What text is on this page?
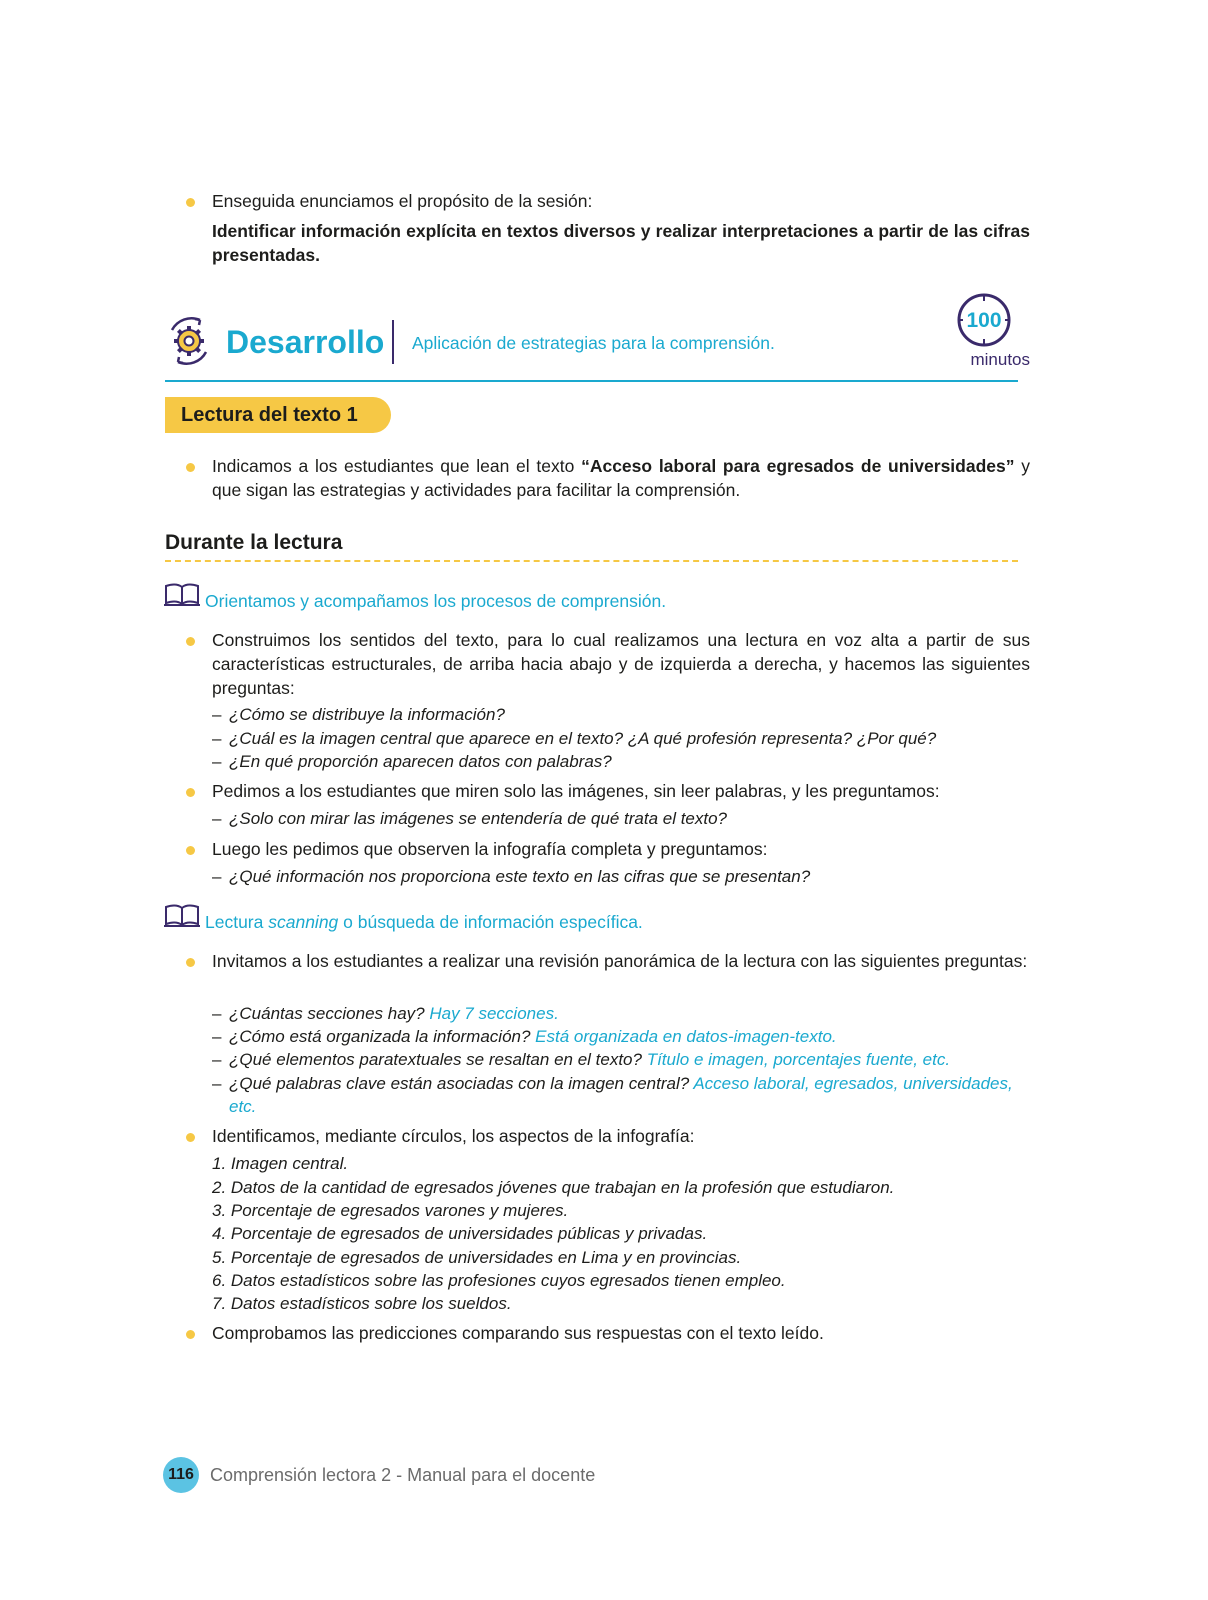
Enseguida enunciamos el propósito de la sesión:
Identificar información explícita en textos diversos y realizar interpretaciones a partir de las cifras presentadas.
Desarrollo Aplicación de estrategias para la comprensión.
100
minutos
Lectura del texto 1
Indicamos a los estudiantes que lean el texto “Acceso laboral para egresados de universidades” y que sigan las estrategias y actividades para facilitar la comprensión.
Durante la lectura
Orientamos y acompañamos los procesos de comprensión.
Construimos los sentidos del texto, para lo cual realizamos una lectura en voz alta a partir de sus características estructurales, de arriba hacia abajo y de izquierda a derecha, y hacemos las siguientes preguntas:
– ¿Cómo se distribuye la información?
– ¿Cuál es la imagen central que aparece en el texto? ¿A qué profesión representa? ¿Por qué?
– ¿En qué proporción aparecen datos con palabras?
Pedimos a los estudiantes que miren solo las imágenes, sin leer palabras, y les preguntamos:
– ¿Solo con mirar las imágenes se entendería de qué trata el texto?
Luego les pedimos que observen la infografía completa y preguntamos:
– ¿Qué información nos proporciona este texto en las cifras que se presentan?
Lectura scanning o búsqueda de información específica.
Invitamos a los estudiantes a realizar una revisión panorámica de la lectura con las siguientes preguntas:
– ¿Cuántas secciones hay? Hay 7 secciones.
– ¿Cómo está organizada la información? Está organizada en datos-imagen-texto.
– ¿Qué elementos paratextuales se resaltan en el texto? Título e imagen, porcentajes fuente, etc.
– ¿Qué palabras clave están asociadas con la imagen central? Acceso laboral, egresados, universidades,
etc.
Identificamos, mediante círculos, los aspectos de la infografía:
1. Imagen central.
2. Datos de la cantidad de egresados jóvenes que trabajan en la profesión que estudiaron.
3. Porcentaje de egresados varones y mujeres.
4. Porcentaje de egresados de universidades públicas y privadas.
5. Porcentaje de egresados de universidades en Lima y en provincias.
6. Datos estadísticos sobre las profesiones cuyos egresados tienen empleo.
7. Datos estadísticos sobre los sueldos.
Comprobamos las predicciones comparando sus respuestas con el texto leído.
116 Comprensión lectora 2 - Manual para el docente
